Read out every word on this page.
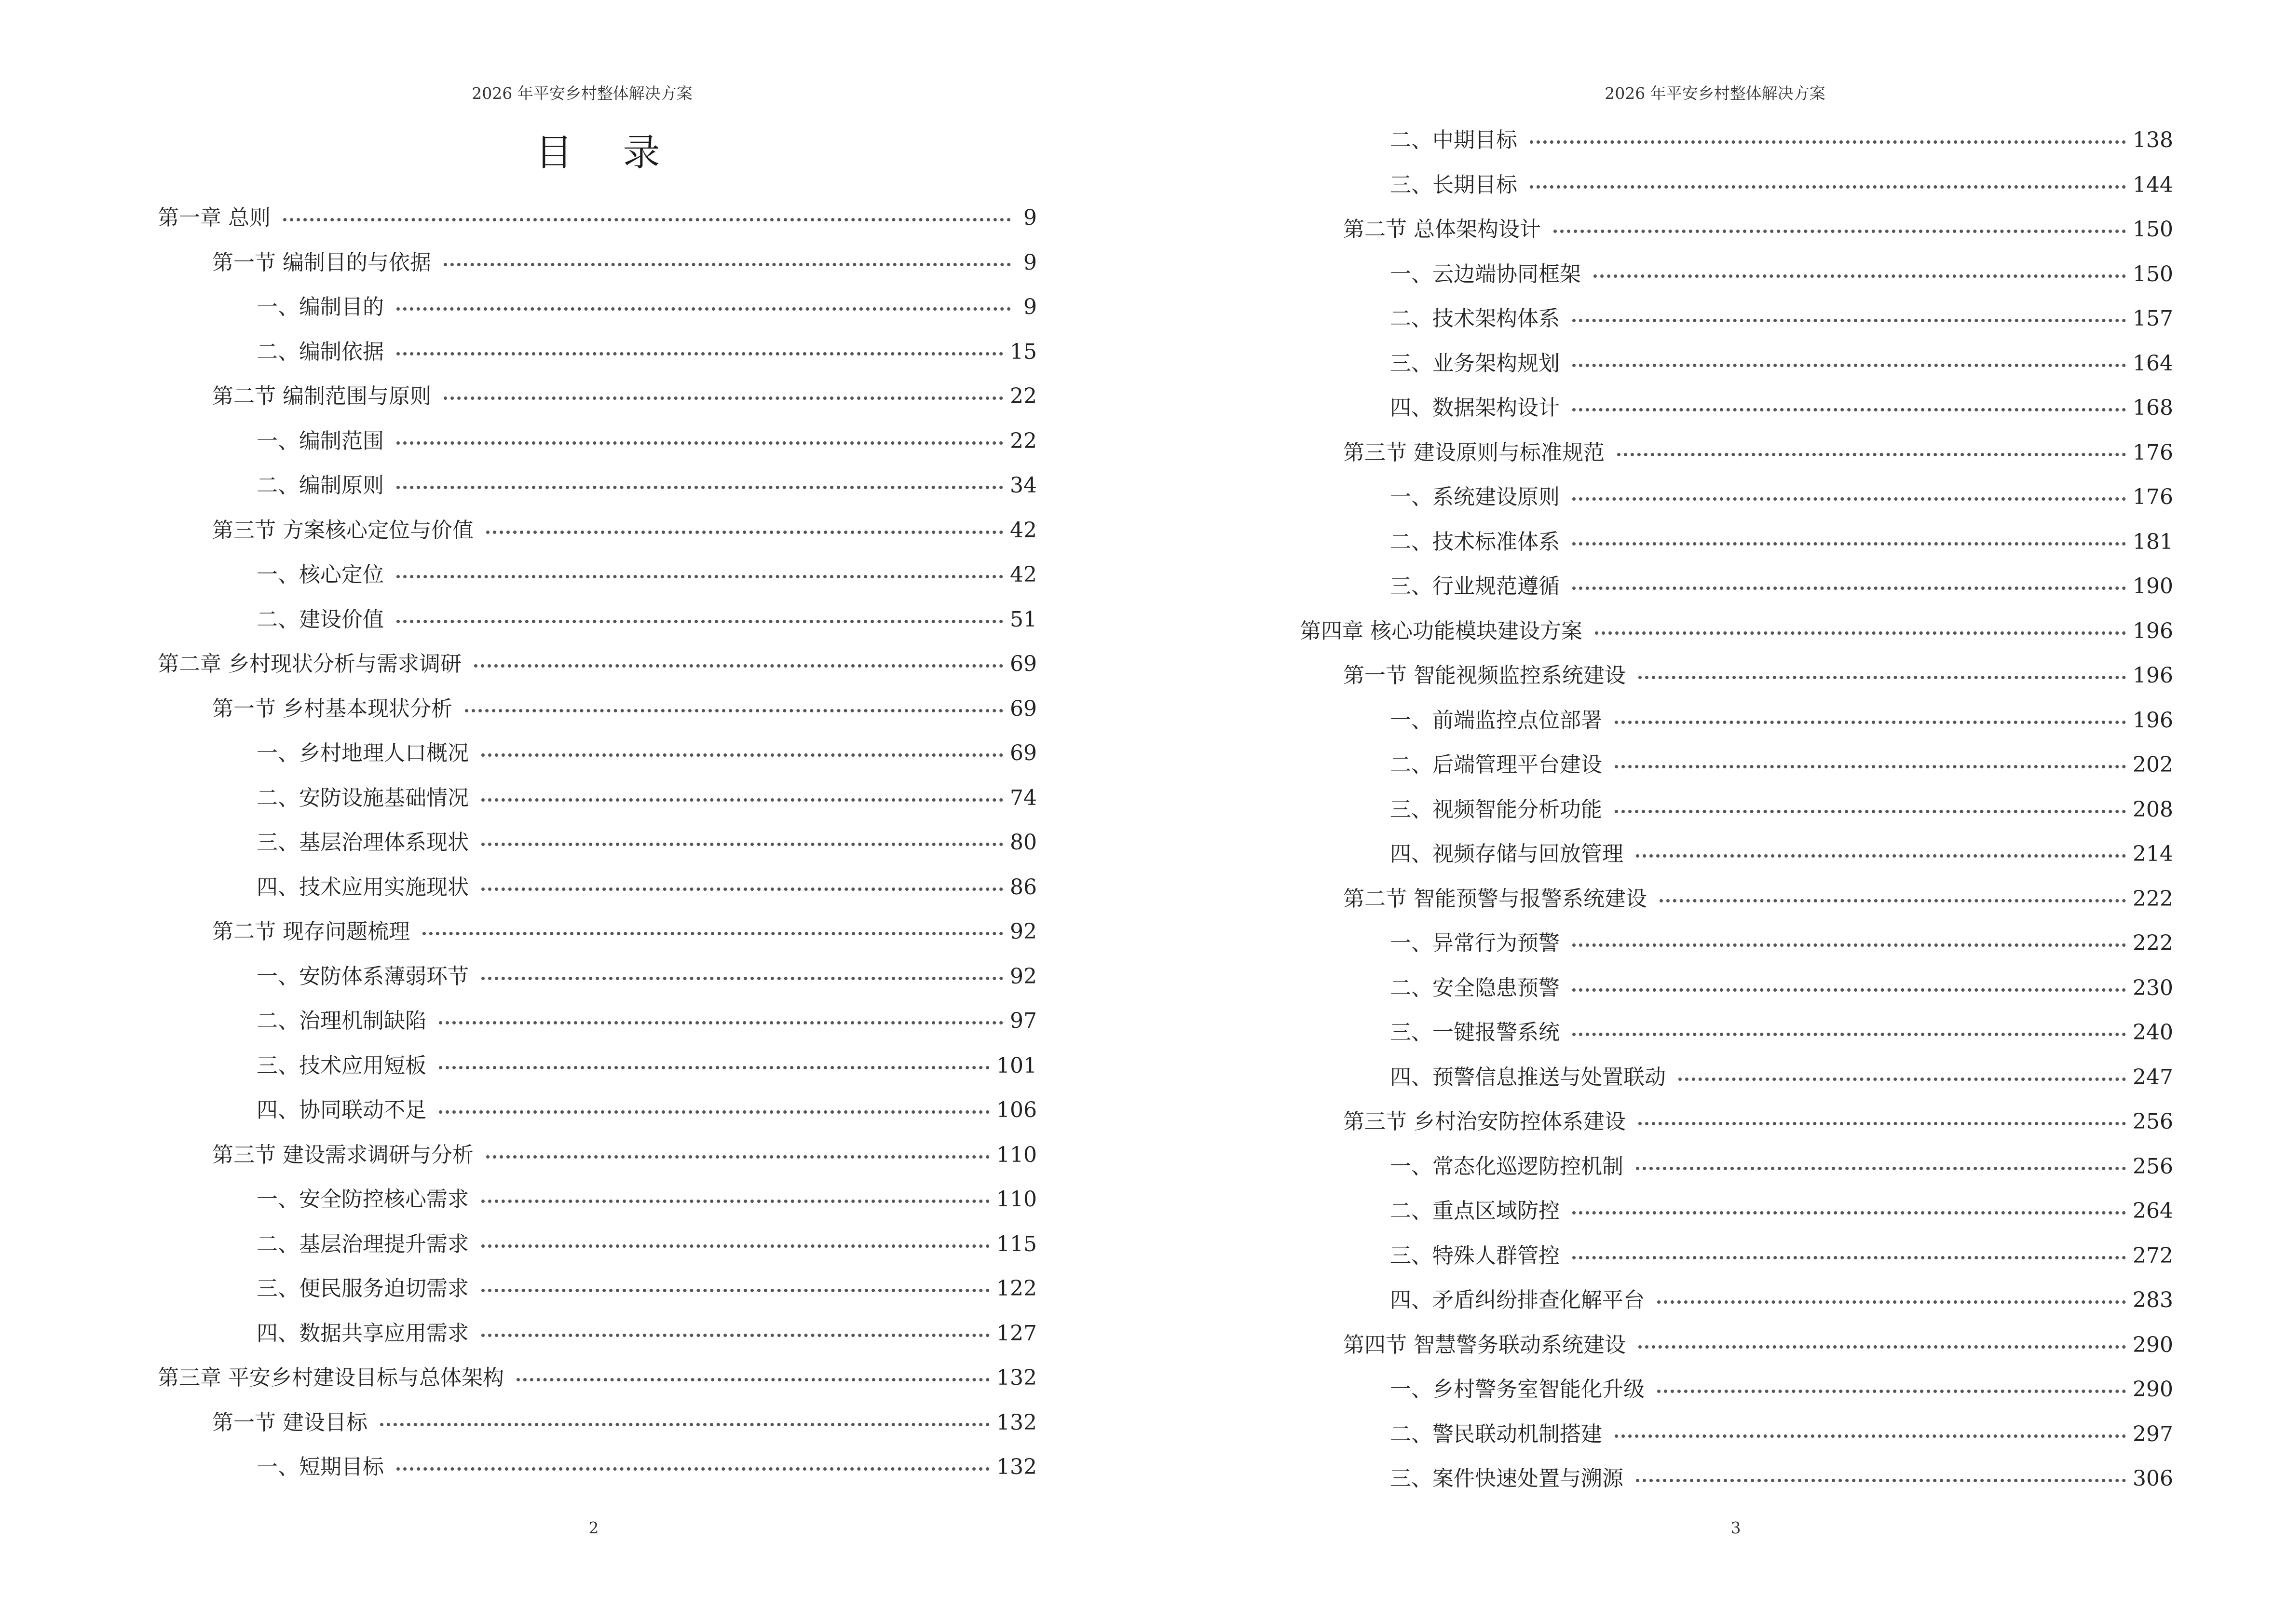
2026 年平安乡村整体解决方案
目 录
第一章 总则	9
第一节 编制目的与依据	9
一、编制目的	9
二、编制依据	15
第二节 编制范围与原则	22
一、编制范围	22
二、编制原则	34
第三节 方案核心定位与价值	42
一、核心定位	42
二、建设价值	51
第二章 乡村现状分析与需求调研	69
第一节 乡村基本现状分析	69
一、乡村地理人口概况	69
二、安防设施基础情况	74
三、基层治理体系现状	80
四、技术应用实施现状	86
第二节 现存问题梳理	92
一、安防体系薄弱环节	92
二、治理机制缺陷	97
三、技术应用短板	101
四、协同联动不足	106
第三节 建设需求调研与分析	110
一、安全防控核心需求	110
二、基层治理提升需求	115
三、便民服务迫切需求	122
四、数据共享应用需求	127
第三章 平安乡村建设目标与总体架构	132
第一节 建设目标	132
一、短期目标	132
2
2026 年平安乡村整体解决方案
二、中期目标	138
三、长期目标	144
第二节 总体架构设计	150
一、云边端协同框架	150
二、技术架构体系	157
三、业务架构规划	164
四、数据架构设计	168
第三节 建设原则与标准规范	176
一、系统建设原则	176
二、技术标准体系	181
三、行业规范遵循	190
第四章 核心功能模块建设方案	196
第一节 智能视频监控系统建设	196
一、前端监控点位部署	196
二、后端管理平台建设	202
三、视频智能分析功能	208
四、视频存储与回放管理	214
第二节 智能预警与报警系统建设	222
一、异常行为预警	222
二、安全隐患预警	230
三、一键报警系统	240
四、预警信息推送与处置联动	247
第三节 乡村治安防控体系建设	256
一、常态化巡逻防控机制	256
二、重点区域防控	264
三、特殊人群管控	272
四、矛盾纠纷排查化解平台	283
第四节 智慧警务联动系统建设	290
一、乡村警务室智能化升级	290
二、警民联动机制搭建	297
三、案件快速处置与溯源	306
3
